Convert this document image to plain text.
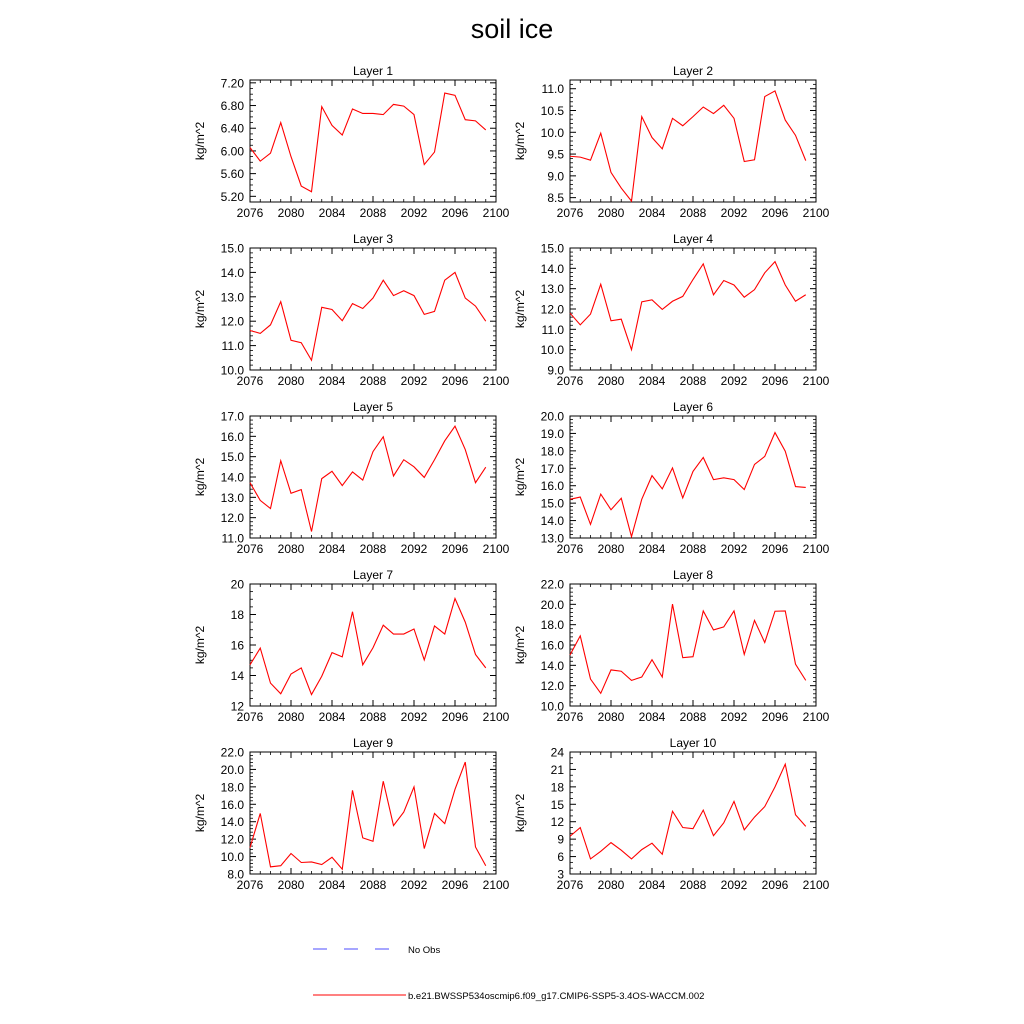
soil ice
2076 2080 2084 2088 2092 2096 2100
5.20
5.60
6.00
6.40
6.80
7.20
Layer 1
kg/m^2
2076 2080 2084 2088 2092 2096 2100
8.5
9.0
9.5
10.0
10.5
11.0
Layer 2
kg/m^2
2076 2080 2084 2088 2092 2096 2100
10.0
11.0
12.0
13.0
14.0
15.0
Layer 3
kg/m^2
2076 2080 2084 2088 2092 2096 2100
9.0
10.0
11.0
12.0
13.0
14.0
15.0
Layer 4
kg/m^2
2076 2080 2084 2088 2092 2096 2100
11.0
12.0
13.0
14.0
15.0
16.0
17.0
Layer 5
kg/m^2
2076 2080 2084 2088 2092 2096 2100
13.0
14.0
15.0
16.0
17.0
18.0
19.0
20.0
Layer 6
kg/m^2
2076 2080 2084 2088 2092 2096 2100
12
14
16
18
20
Layer 7
kg/m^2
2076 2080 2084 2088 2092 2096 2100
10.0
12.0
14.0
16.0
18.0
20.0
22.0
Layer 8
kg/m^2
2076 2080 2084 2088 2092 2096 2100
8.0
10.0
12.0
14.0
16.0
18.0
20.0
22.0
Layer 9
kg/m^2
2076 2080 2084 2088 2092 2096 2100
3
6
9
12
15
18
21
24
Layer 10
kg/m^2
No Obs
b.e21.BWSSP534oscmip6.f09_g17.CMIP6-SSP5-3.4OS-WACCM.002
